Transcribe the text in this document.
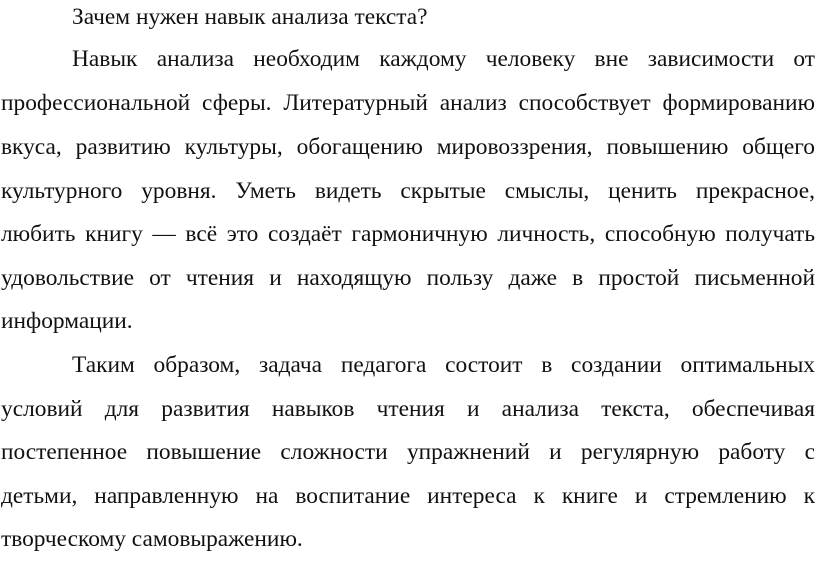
Зачем нужен навык анализа текста?
Навык анализа необходим каждому человеку вне зависимости от
профессиональной сферы. Литературный анализ способствует формированию
вкуса, развитию культуры, обогащению мировоззрения, повышению общего
культурного уровня. Уметь видеть скрытые смыслы, ценить прекрасное,
любить книгу — всё это создаёт гармоничную личность, способную получать
удовольствие от чтения и находящую пользу даже в простой письменной
информации.
Таким образом, задача педагога состоит в создании оптимальных
условий для развития навыков чтения и анализа текста, обеспечивая
постепенное повышение сложности упражнений и регулярную работу с
детьми, направленную на воспитание интереса к книге и стремлению к
творческому самовыражению.
